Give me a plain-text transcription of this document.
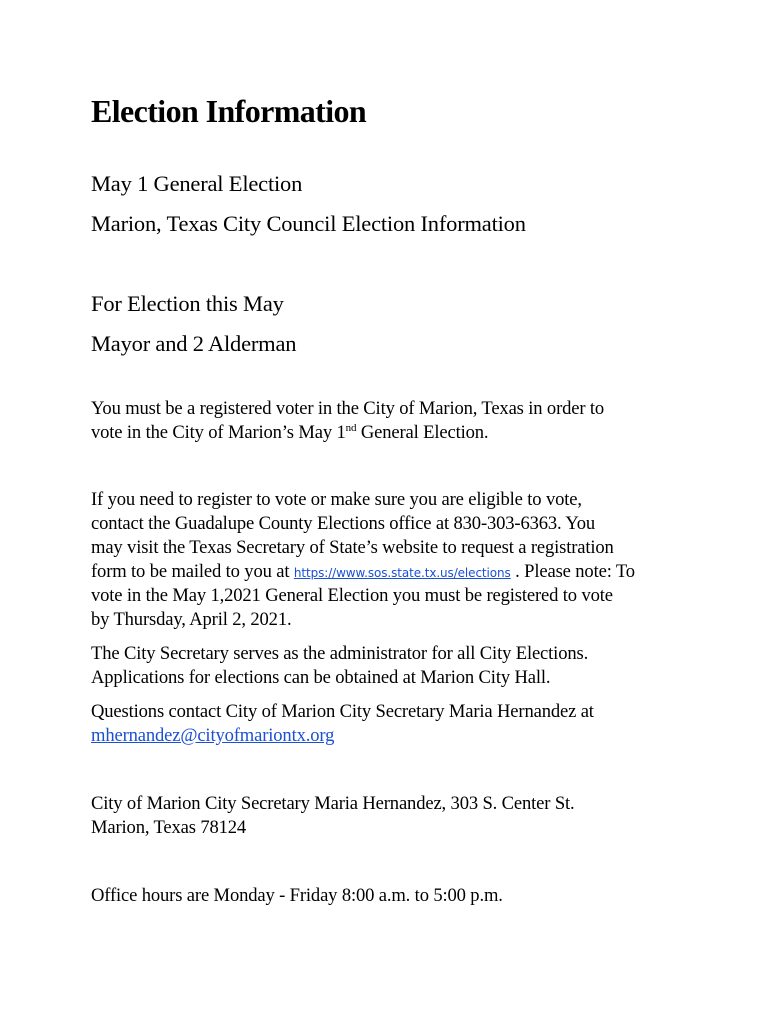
Election Information
May 1 General Election
Marion, Texas City Council Election Information
For Election this May
Mayor and 2 Alderman
You must be a registered voter in the City of Marion, Texas in order to
vote in the City of Marion’s May 1nd General Election.
If you need to register to vote or make sure you are eligible to vote,
contact the Guadalupe County Elections office at 830-303-6363. You
may visit the Texas Secretary of State’s website to request a registration
form to be mailed to you at https://www.sos.state.tx.us/elections . Please note: To
vote in the May 1,2021 General Election you must be registered to vote
by Thursday, April 2, 2021.
The City Secretary serves as the administrator for all City Elections.
Applications for elections can be obtained at Marion City Hall.
Questions contact City of Marion City Secretary Maria Hernandez at
mhernandez@cityofmariontx.org
City of Marion City Secretary Maria Hernandez, 303 S. Center St.
Marion, Texas 78124
Office hours are Monday - Friday 8:00 a.m. to 5:00 p.m.
